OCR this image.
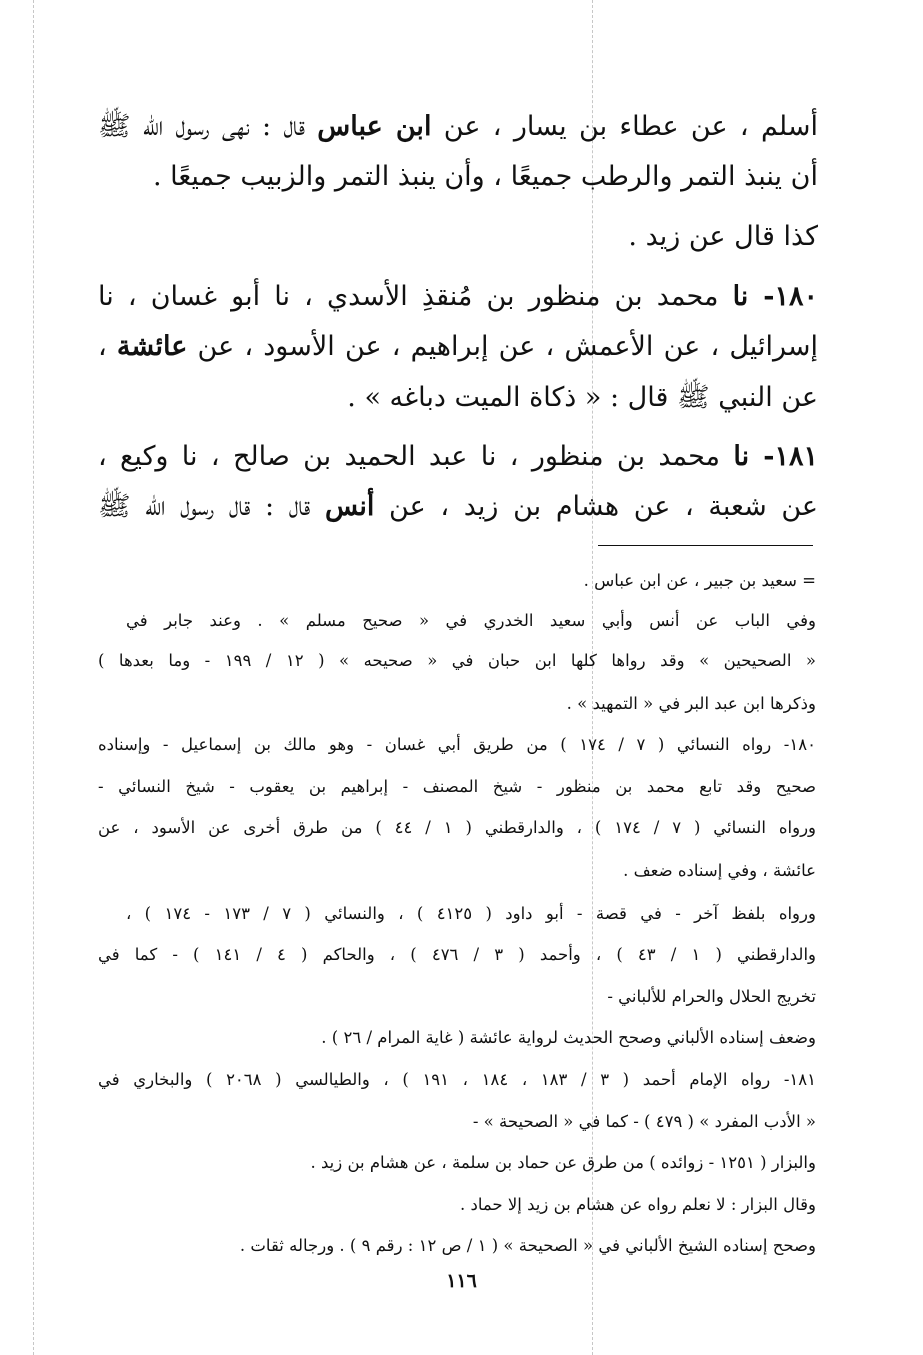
أسلم ، عن عطاء بن يسار ، عن ابن عباس قال : نهى رسول اللّه ﷺ
أن ينبذ التمر والرطب جميعًا ، وأن ينبذ التمر والزبيب جميعًا .
كذا قال عن زيد .
١٨٠- نا محمد بن منظور بن مُنقذِ الأسدي ، نا أبو غسان ، نا
إسرائيل ، عن الأعمش ، عن إبراهيم ، عن الأسود ، عن عائشة ،
عن النبي ﷺ قال : « ذكاة الميت دباغه » .
١٨١- نا محمد بن منظور ، نا عبد الحميد بن صالح ، نا وكيع ،
عن شعبة ، عن هشام بن زيد ، عن أنس قال : قال رسول اللّه ﷺ
= سعيد بن جبير ، عن ابن عباس .
وفي الباب عن أنس وأبي سعيد الخدري في « صحيح مسلم » . وعند جابر في
« الصحيحين » وقد رواها كلها ابن حبان في « صحيحه » ( ١٢ / ١٩٩ - وما بعدها )
وذكرها ابن عبد البر في « التمهيد » .
١٨٠- رواه النسائي ( ٧ / ١٧٤ ) من طريق أبي غسان - وهو مالك بن إسماعيل - وإسناده
صحيح وقد تابع محمد بن منظور - شيخ المصنف - إبراهيم بن يعقوب - شيخ النسائي -
ورواه النسائي ( ٧ / ١٧٤ ) ، والدارقطني ( ١ / ٤٤ ) من طرق أخرى عن الأسود ، عن
عائشة ، وفي إسناده ضعف .
ورواه بلفظ آخر - في قصة - أبو داود ( ٤١٢٥ ) ، والنسائي ( ٧ / ١٧٣ - ١٧٤ ) ،
والدارقطني ( ١ / ٤٣ ) ، وأحمد ( ٣ / ٤٧٦ ) ، والحاكم ( ٤ / ١٤١ ) - كما في
تخريج الحلال والحرام للألباني -
وضعف إسناده الألباني وصحح الحديث لرواية عائشة ( غاية المرام / ٢٦ ) .
١٨١- رواه الإمام أحمد ( ٣ / ١٨٣ ، ١٨٤ ، ١٩١ ) ، والطيالسي ( ٢٠٦٨ ) والبخاري في
« الأدب المفرد » ( ٤٧٩ ) - كما في « الصحيحة » -
والبزار ( ١٢٥١ - زوائده ) من طرق عن حماد بن سلمة ، عن هشام بن زيد .
وقال البزار : لا نعلم رواه عن هشام بن زيد إلا حماد .
وصحح إسناده الشيخ الألباني في « الصحيحة » ( ١ / ص ١٢ : رقم ٩ ) . ورجاله ثقات .
١١٦
